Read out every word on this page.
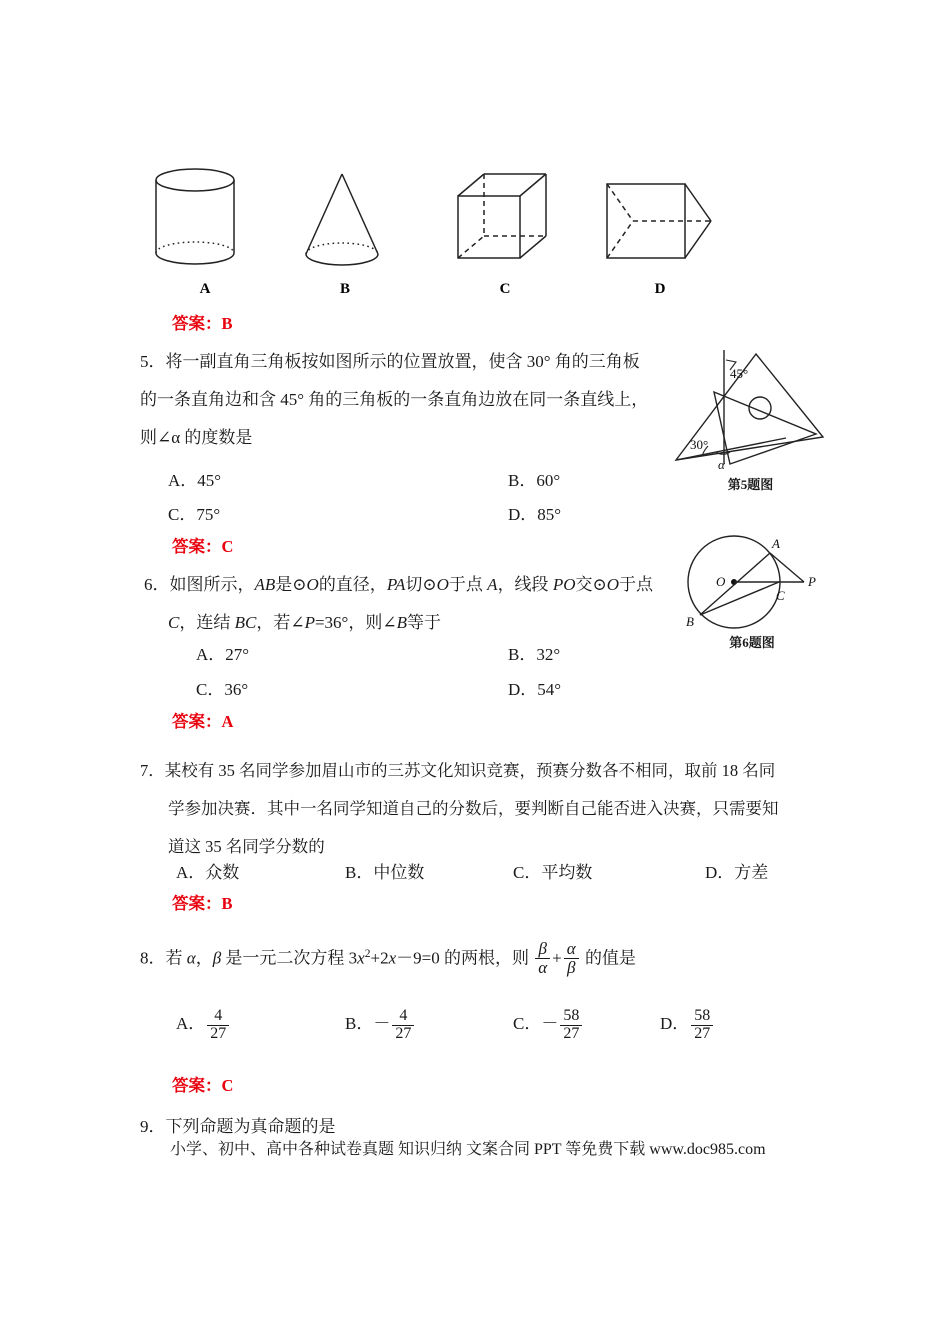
A	B	C	D
答案：B
5．将一副直角三角板按如图所示的位置放置，使含 30° 角的三角板
的一条直角边和含 45° 角的三角板的一条直角边放在同一条直线上，
则∠α 的度数是
A．45°	B．60°
C．75°	D．85°
答案：C
45°
30°
α
第5题图
6．如图所示，AB是⊙O的直径，PA切⊙O于点 A，线段 PO交⊙O于点
C，连结 BC，若∠P=36°，则∠B等于
A．27°	B．32°
C．36°	D．54°
答案：A
A
O	P
C
B
第6题图
7．某校有 35 名同学参加眉山市的三苏文化知识竞赛，预赛分数各不相同，取前 18 名同
学参加决赛．其中一名同学知道自己的分数后，要判断自己能否进入决赛，只需要知
道这 35 名同学分数的
A．众数	B．中位数	C．平均数	D．方差
答案：B
8．若 α，β 是一元二次方程 $3x^2+2x-9=0$ 的两根，则 $\frac{\beta}{\alpha} + \frac{\alpha}{\beta}$ 的值是
A． $\frac{4}{27}$	B．－ $\frac{4}{27}$	C．－ $\frac{58}{27}$	D． $\frac{58}{27}$
答案：C
9．下列命题为真命题的是
小学、初中、高中各种试卷真题 知识归纳 文案合同 PPT 等免费下载 www.doc985.com
